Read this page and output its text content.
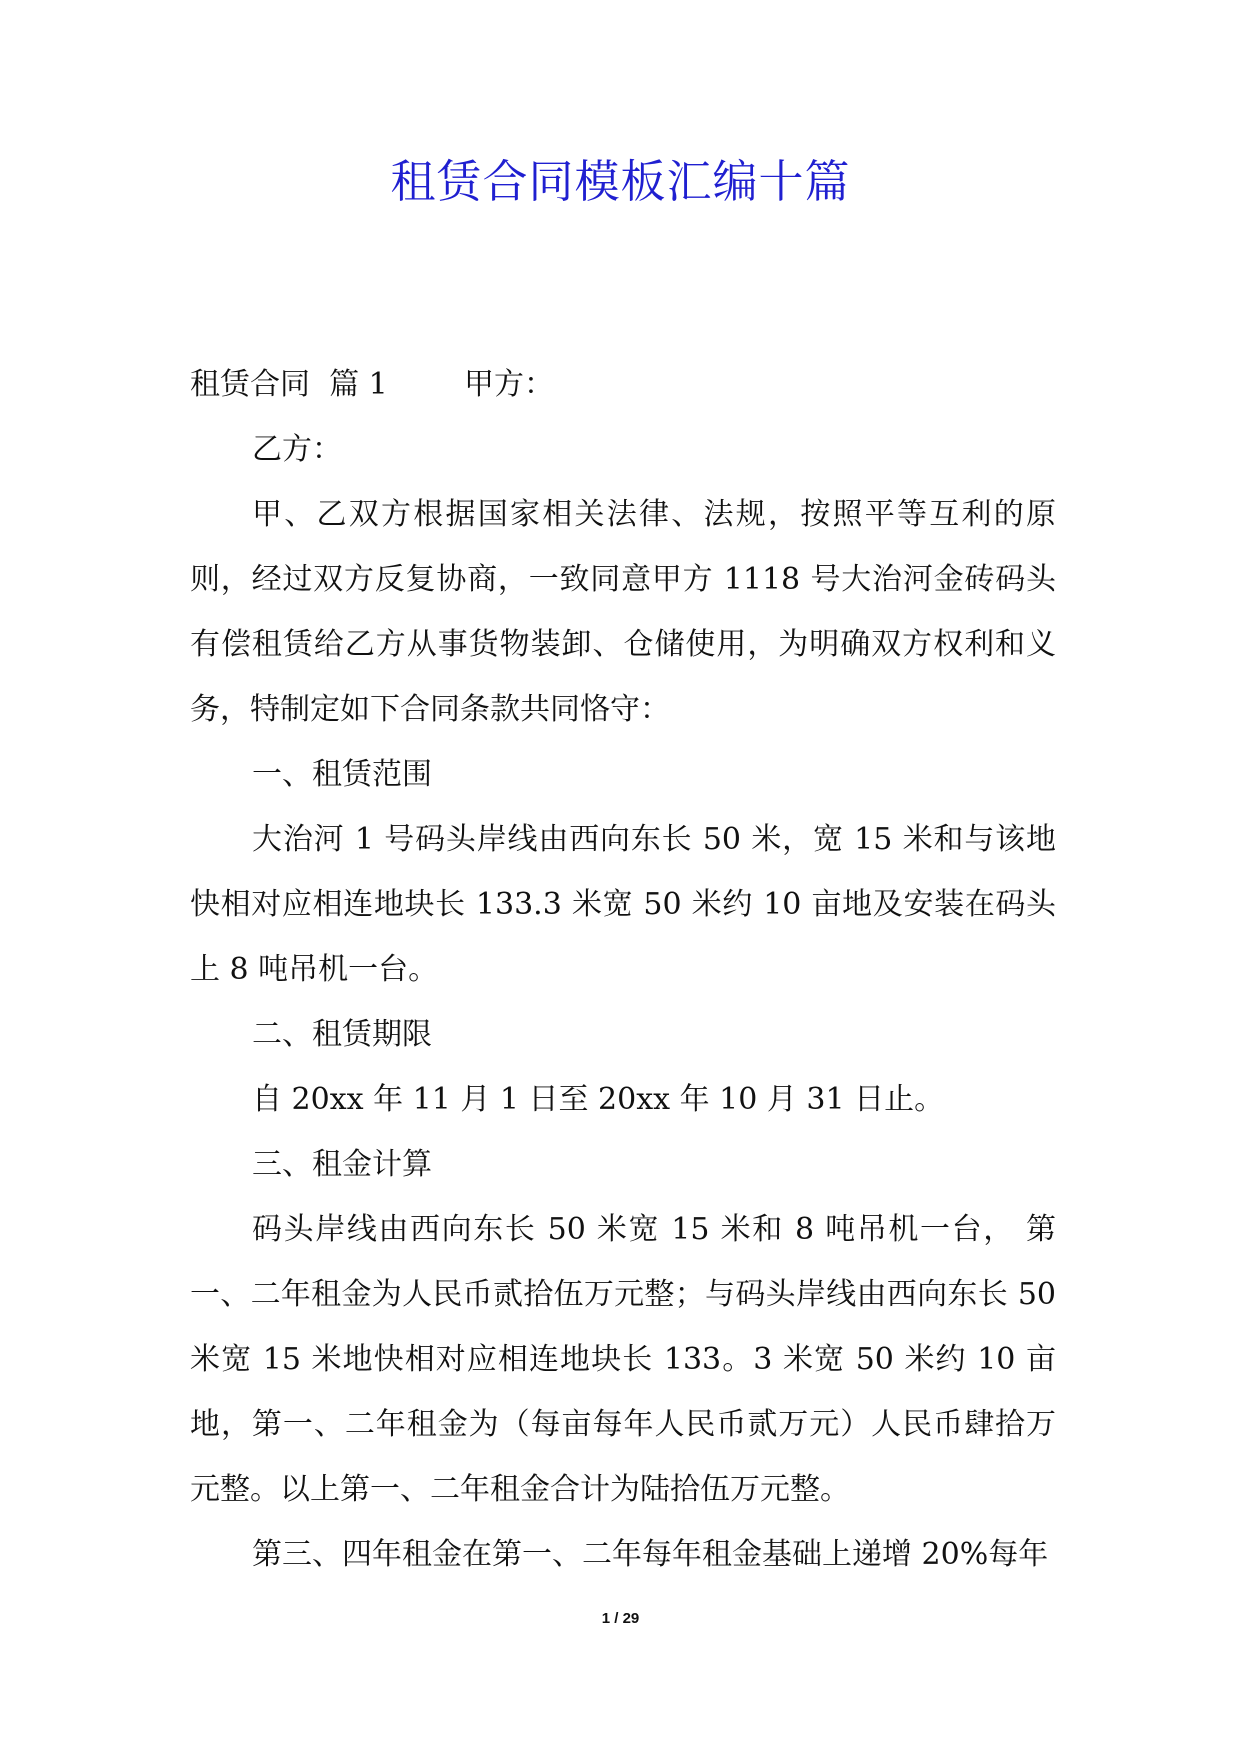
租赁合同模板汇编十篇

租赁合同  篇 1	甲方：

乙方：

甲、乙双方根据国家相关法律、法规，按照平等互利的原则，经过双方反复协商，一致同意甲方 1118 号大治河金砖码头有偿租赁给乙方从事货物装卸、仓储使用，为明确双方权利和义务，特制定如下合同条款共同恪守：

一、租赁范围

大治河 1 号码头岸线由西向东长 50 米，宽 15 米和与该地快相对应相连地块长 133.3 米宽 50 米约 10 亩地及安装在码头上 8 吨吊机一台。

二、租赁期限

自 20xx 年 11 月 1 日至 20xx 年 10 月 31 日止。

三、租金计算

码头岸线由西向东长 50 米宽 15 米和 8 吨吊机一台， 第一、二年租金为人民币贰拾伍万元整；与码头岸线由西向东长 50 米宽 15 米地快相对应相连地块长 133。3 米宽 50 米约 10 亩地，第一、二年租金为（每亩每年人民币贰万元）人民币肆拾万元整。以上第一、二年租金合计为陆拾伍万元整。

第三、四年租金在第一、二年每年租金基础上递增 20%每年

1 / 29
